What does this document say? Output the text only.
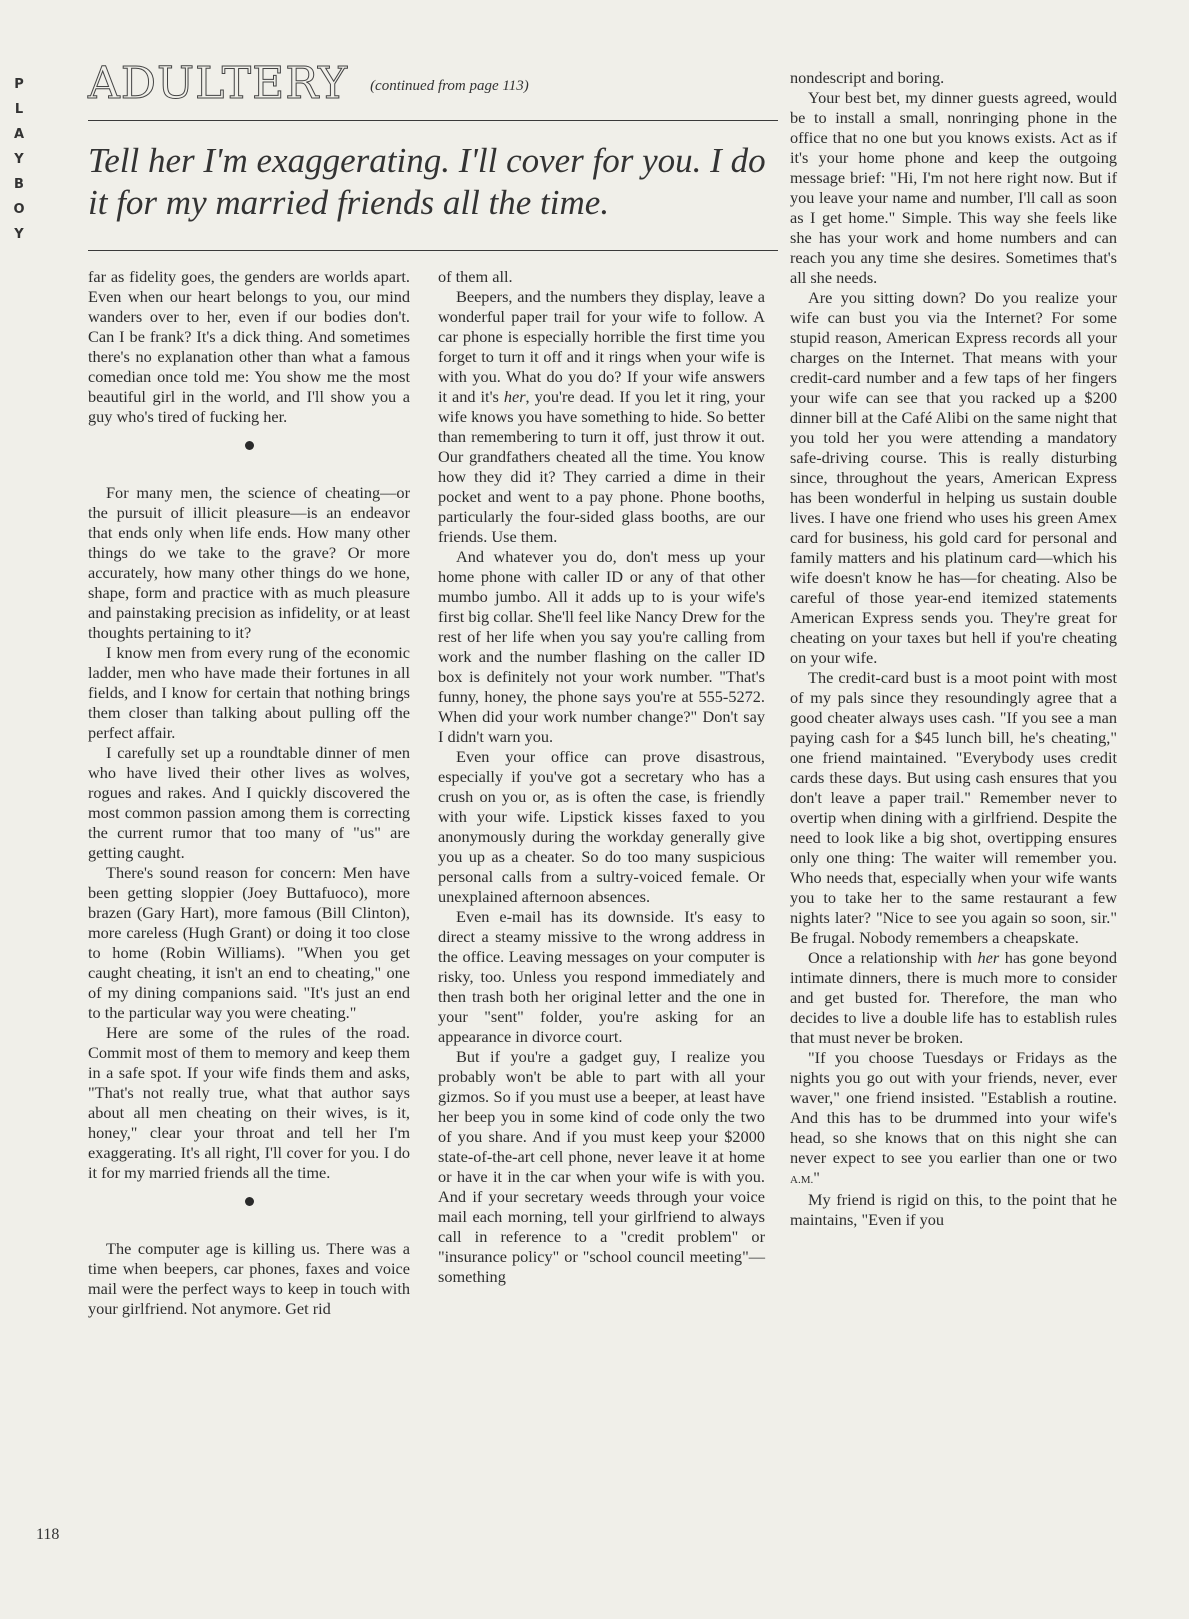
P
L
A
Y
B
O
Y
ADULTERY (continued from page 113)

Tell her I'm exaggerating. I'll cover for you. I do it for my married friends all the time.

far as fidelity goes, the genders are worlds apart. Even when our heart belongs to you, our mind wanders over to her, even if our bodies don't. Can I be frank? It's a dick thing. And sometimes there's no explanation other than what a famous comedian once told me: You show me the most beautiful girl in the world, and I'll show you a guy who's tired of fucking her.

For many men, the science of cheating—or the pursuit of illicit pleasure—is an endeavor that ends only when life ends. How many other things do we take to the grave? Or more accurately, how many other things do we hone, shape, form and practice with as much pleasure and painstaking precision as infidelity, or at least thoughts pertaining to it?

I know men from every rung of the economic ladder, men who have made their fortunes in all fields, and I know for certain that nothing brings them closer than talking about pulling off the perfect affair.

I carefully set up a roundtable dinner of men who have lived their other lives as wolves, rogues and rakes. And I quickly discovered the most common passion among them is correcting the current rumor that too many of "us" are getting caught.

There's sound reason for concern: Men have been getting sloppier (Joey Buttafuoco), more brazen (Gary Hart), more famous (Bill Clinton), more careless (Hugh Grant) or doing it too close to home (Robin Williams). "When you get caught cheating, it isn't an end to cheating," one of my dining companions said. "It's just an end to the particular way you were cheating."

Here are some of the rules of the road. Commit most of them to memory and keep them in a safe spot. If your wife finds them and asks, "That's not really true, what that author says about all men cheating on their wives, is it, honey," clear your throat and tell her I'm exaggerating. It's all right, I'll cover for you. I do it for my married friends all the time.

The computer age is killing us. There was a time when beepers, car phones, faxes and voice mail were the perfect ways to keep in touch with your girlfriend. Not anymore. Get rid

of them all.

Beepers, and the numbers they display, leave a wonderful paper trail for your wife to follow. A car phone is especially horrible the first time you forget to turn it off and it rings when your wife is with you. What do you do? If your wife answers it and it's her, you're dead. If you let it ring, your wife knows you have something to hide. So better than remembering to turn it off, just throw it out. Our grandfathers cheated all the time. You know how they did it? They carried a dime in their pocket and went to a pay phone. Phone booths, particularly the four-sided glass booths, are our friends. Use them.

And whatever you do, don't mess up your home phone with caller ID or any of that other mumbo jumbo. All it adds up to is your wife's first big collar. She'll feel like Nancy Drew for the rest of her life when you say you're calling from work and the number flashing on the caller ID box is definitely not your work number. "That's funny, honey, the phone says you're at 555-5272. When did your work number change?" Don't say I didn't warn you.

Even your office can prove disastrous, especially if you've got a secretary who has a crush on you or, as is often the case, is friendly with your wife. Lipstick kisses faxed to you anonymously during the workday generally give you up as a cheater. So do too many suspicious personal calls from a sultry-voiced female. Or unexplained afternoon absences.

Even e-mail has its downside. It's easy to direct a steamy missive to the wrong address in the office. Leaving messages on your computer is risky, too. Unless you respond immediately and then trash both her original letter and the one in your "sent" folder, you're asking for an appearance in divorce court.

But if you're a gadget guy, I realize you probably won't be able to part with all your gizmos. So if you must use a beeper, at least have her beep you in some kind of code only the two of you share. And if you must keep your $2000 state-of-the-art cell phone, never leave it at home or have it in the car when your wife is with you. And if your secretary weeds through your voice mail each morning, tell your girlfriend to always call in reference to a "credit problem" or "insurance policy" or "school council meeting"—something

nondescript and boring.

Your best bet, my dinner guests agreed, would be to install a small, nonringing phone in the office that no one but you knows exists. Act as if it's your home phone and keep the outgoing message brief: "Hi, I'm not here right now. But if you leave your name and number, I'll call as soon as I get home." Simple. This way she feels like she has your work and home numbers and can reach you any time she desires. Sometimes that's all she needs.

Are you sitting down? Do you realize your wife can bust you via the Internet? For some stupid reason, American Express records all your charges on the Internet. That means with your credit-card number and a few taps of her fingers your wife can see that you racked up a $200 dinner bill at the Café Alibi on the same night that you told her you were attending a mandatory safe-driving course. This is really disturbing since, throughout the years, American Express has been wonderful in helping us sustain double lives. I have one friend who uses his green Amex card for business, his gold card for personal and family matters and his platinum card—which his wife doesn't know he has—for cheating. Also be careful of those year-end itemized statements American Express sends you. They're great for cheating on your taxes but hell if you're cheating on your wife.

The credit-card bust is a moot point with most of my pals since they resoundingly agree that a good cheater always uses cash. "If you see a man paying cash for a $45 lunch bill, he's cheating," one friend maintained. "Everybody uses credit cards these days. But using cash ensures that you don't leave a paper trail." Remember never to overtip when dining with a girlfriend. Despite the need to look like a big shot, overtipping ensures only one thing: The waiter will remember you. Who needs that, especially when your wife wants you to take her to the same restaurant a few nights later? "Nice to see you again so soon, sir." Be frugal. Nobody remembers a cheapskate.

Once a relationship with her has gone beyond intimate dinners, there is much more to consider and get busted for. Therefore, the man who decides to live a double life has to establish rules that must never be broken.

"If you choose Tuesdays or Fridays as the nights you go out with your friends, never, ever waver," one friend insisted. "Establish a routine. And this has to be drummed into your wife's head, so she knows that on this night she can never expect to see you earlier than one or two A.M."

My friend is rigid on this, to the point that he maintains, "Even if you

118
